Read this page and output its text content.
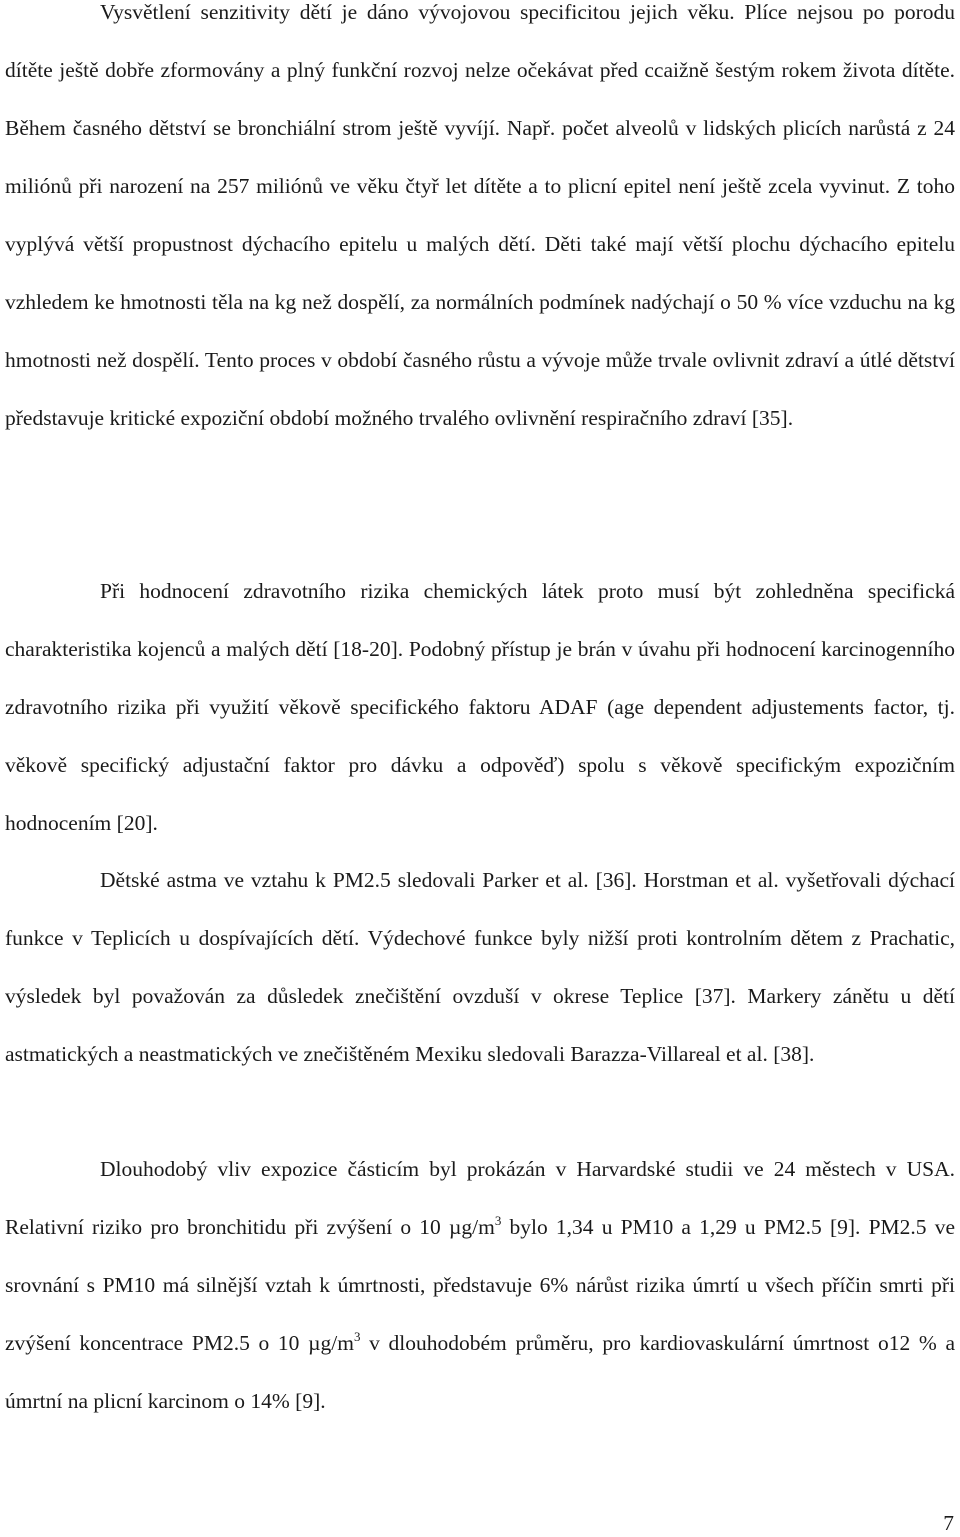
Vysvětlení senzitivity dětí je dáno vývojovou specificitou jejich věku. Plíce nejsou po porodu dítěte ještě dobře zformovány a plný funkční rozvoj nelze očekávat před ccaižně šestým rokem života dítěte. Během časného dětství se bronchiální strom ještě vyvíjí. Např. počet alveolů v lidských plicích narůstá z 24 miliónů při narození na 257 miliónů ve věku čtyř let dítěte a to plicní epitel není ještě zcela vyvinut. Z toho vyplývá větší propustnost dýchacího epitelu u malých dětí. Děti také mají větší plochu dýchacího epitelu vzhledem ke hmotnosti těla na kg než dospělí, za normálních podmínek nadýchají o 50 % více vzduchu na kg hmotnosti než dospělí. Tento proces v období časného růstu a vývoje může trvale ovlivnit zdraví a útlé dětství představuje kritické expoziční období možného trvalého ovlivnění respiračního zdraví [35].

Při hodnocení zdravotního rizika chemických látek proto musí být zohledněna specifická charakteristika kojenců a malých dětí [18-20]. Podobný přístup je brán v úvahu při hodnocení karcinogenního zdravotního rizika při využití věkově specifického faktoru ADAF (age dependent adjustements factor, tj. věkově specifický adjustační faktor pro dávku a odpověď) spolu s věkově specifickým expozičním hodnocením [20].

Dětské astma ve vztahu k PM2.5 sledovali Parker et al. [36]. Horstman et al. vyšetřovali dýchací funkce v Teplicích u dospívajících dětí. Výdechové funkce byly nižší proti kontrolním dětem z Prachatic, výsledek byl považován za důsledek znečištění ovzduší v okrese Teplice [37]. Markery zánětu u dětí astmatických a neastmatických ve znečištěném Mexiku sledovali Barazza-Villareal et al. [38].

Dlouhodobý vliv expozice částicím byl prokázán v Harvardské studii ve 24 městech v USA. Relativní riziko pro bronchitidu při zvýšení o 10 $\mu g/m^3$ bylo 1,34 u PM10 a 1,29 u PM2.5 [9]. PM2.5 ve srovnání s PM10 má silnější vztah k úmrtnosti, představuje 6% nárůst rizika úmrtí u všech příčin smrti při zvýšení koncentrace PM2.5 o 10 $\mu g/m^3$ v dlouhodobém průměru, pro kardiovaskulární úmrtnost o12 % a úmrtní na plicní karcinom o 14% [9].

7
